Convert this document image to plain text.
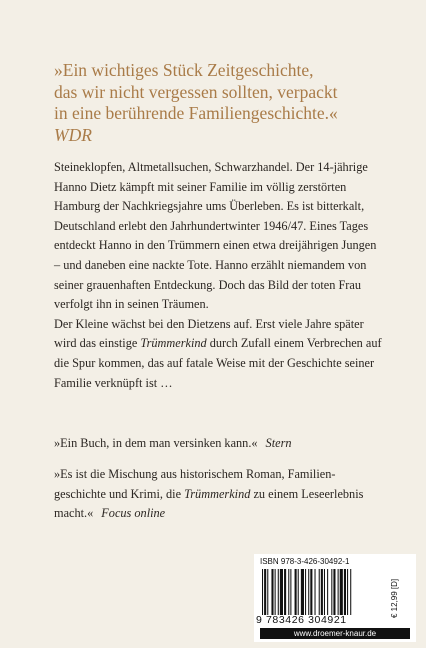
»Ein wichtiges Stück Zeitgeschichte,
das wir nicht vergessen sollten, verpackt
in eine berührende Familiengeschichte.«
WDR

Steineklopfen, Altmetallsuchen, Schwarzhandel. Der 14-jährige Hanno Dietz kämpft mit seiner Familie im völlig zerstörten Hamburg der Nachkriegsjahre ums Überleben. Es ist bitterkalt, Deutschland erlebt den Jahrhundertwinter 1946/47. Eines Tages entdeckt Hanno in den Trümmern einen etwa dreijährigen Jungen – und daneben eine nackte Tote. Hanno erzählt niemandem von seiner grauenhaften Entdeckung. Doch das Bild der toten Frau verfolgt ihn in seinen Träumen.

Der Kleine wächst bei den Dietzens auf. Erst viele Jahre später wird das einstige Trümmerkind durch Zufall einem Verbrechen auf die Spur kommen, das auf fatale Weise mit der Geschichte seiner Familie verknüpft ist …

»Ein Buch, in dem man versinken kann.« Stern
»Es ist die Mischung aus historischem Roman, Familien-geschichte und Krimi, die Trümmerkind zu einem Leseerlebnis macht.« Focus online
ISBN 978-3-426-30492-1
9 783426 304921
€ 12,99 [D]
www.droemer-knaur.de
